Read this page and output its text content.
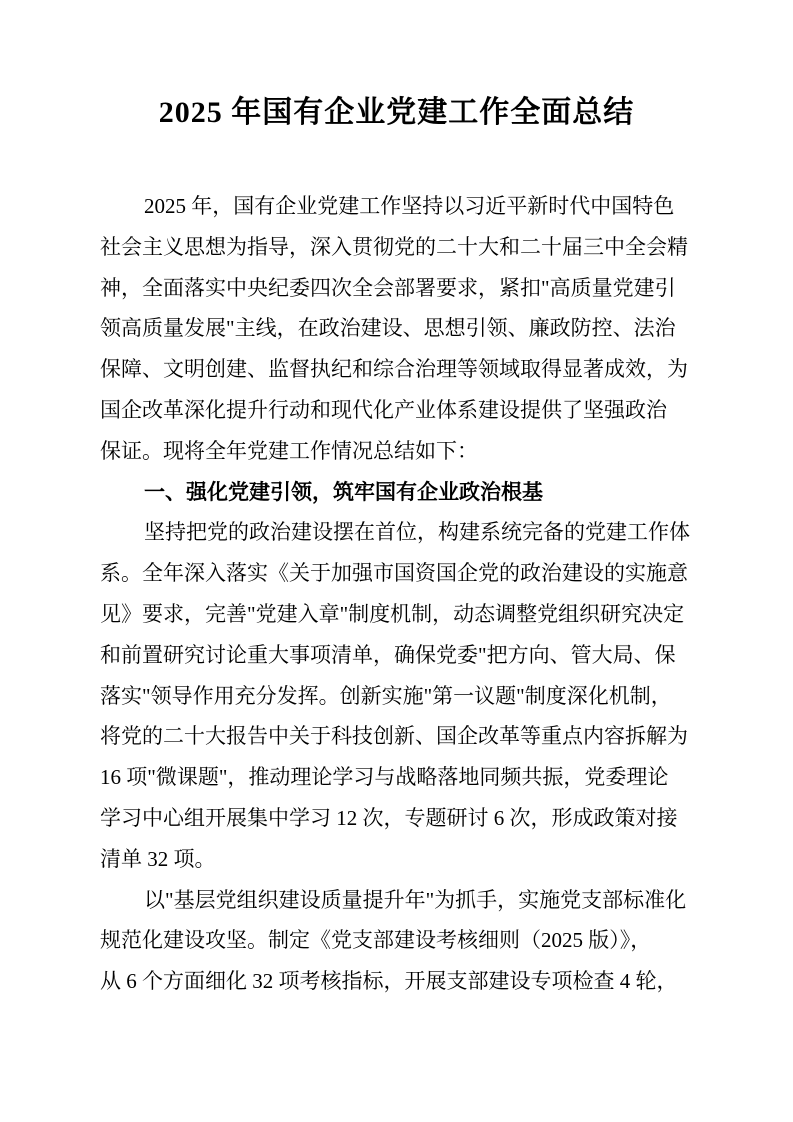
2025 年国有企业党建工作全面总结
2025 年，国有企业党建工作坚持以习近平新时代中国特色
社会主义思想为指导，深入贯彻党的二十大和二十届三中全会精
神，全面落实中央纪委四次全会部署要求，紧扣"高质量党建引
领高质量发展"主线，在政治建设、思想引领、廉政防控、法治
保障、文明创建、监督执纪和综合治理等领域取得显著成效，为
国企改革深化提升行动和现代化产业体系建设提供了坚强政治
保证。现将全年党建工作情况总结如下：
一、强化党建引领，筑牢国有企业政治根基
坚持把党的政治建设摆在首位，构建系统完备的党建工作体
系。全年深入落实《关于加强市国资国企党的政治建设的实施意
见》要求，完善"党建入章"制度机制，动态调整党组织研究决定
和前置研究讨论重大事项清单，确保党委"把方向、管大局、保
落实"领导作用充分发挥。创新实施"第一议题"制度深化机制，
将党的二十大报告中关于科技创新、国企改革等重点内容拆解为
16 项"微课题"，推动理论学习与战略落地同频共振，党委理论
学习中心组开展集中学习 12 次，专题研讨 6 次，形成政策对接
清单 32 项。
以"基层党组织建设质量提升年"为抓手，实施党支部标准化
规范化建设攻坚。制定《党支部建设考核细则（2025 版）》，
从 6 个方面细化 32 项考核指标，开展支部建设专项检查 4 轮，
